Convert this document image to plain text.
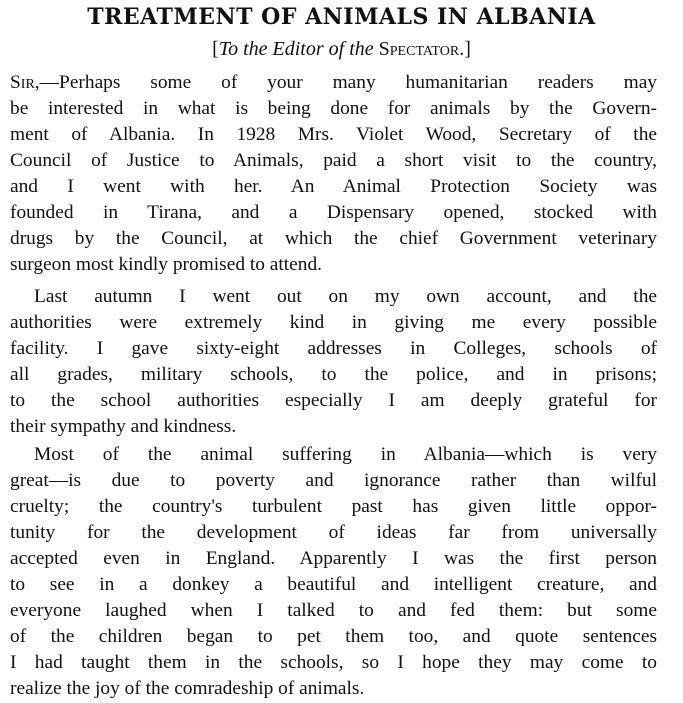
TREATMENT OF ANIMALS IN ALBANIA
[To the Editor of the Spectator.]
Sir,—Perhaps some of your many humanitarian readers may
be interested in what is being done for animals by the Govern-
ment of Albania. In 1928 Mrs. Violet Wood, Secretary of the
Council of Justice to Animals, paid a short visit to the country,
and I went with her. An Animal Protection Society was
founded in Tirana, and a Dispensary opened, stocked with
drugs by the Council, at which the chief Government veterinary
surgeon most kindly promised to attend.
Last autumn I went out on my own account, and the
authorities were extremely kind in giving me every possible
facility. I gave sixty-eight addresses in Colleges, schools of
all grades, military schools, to the police, and in prisons;
to the school authorities especially I am deeply grateful for
their sympathy and kindness.
Most of the animal suffering in Albania—which is very
great—is due to poverty and ignorance rather than wilful
cruelty; the country's turbulent past has given little oppor-
tunity for the development of ideas far from universally
accepted even in England. Apparently I was the first person
to see in a donkey a beautiful and intelligent creature, and
everyone laughed when I talked to and fed them: but some
of the children began to pet them too, and quote sentences
I had taught them in the schools, so I hope they may come to
realize the joy of the comradeship of animals.
